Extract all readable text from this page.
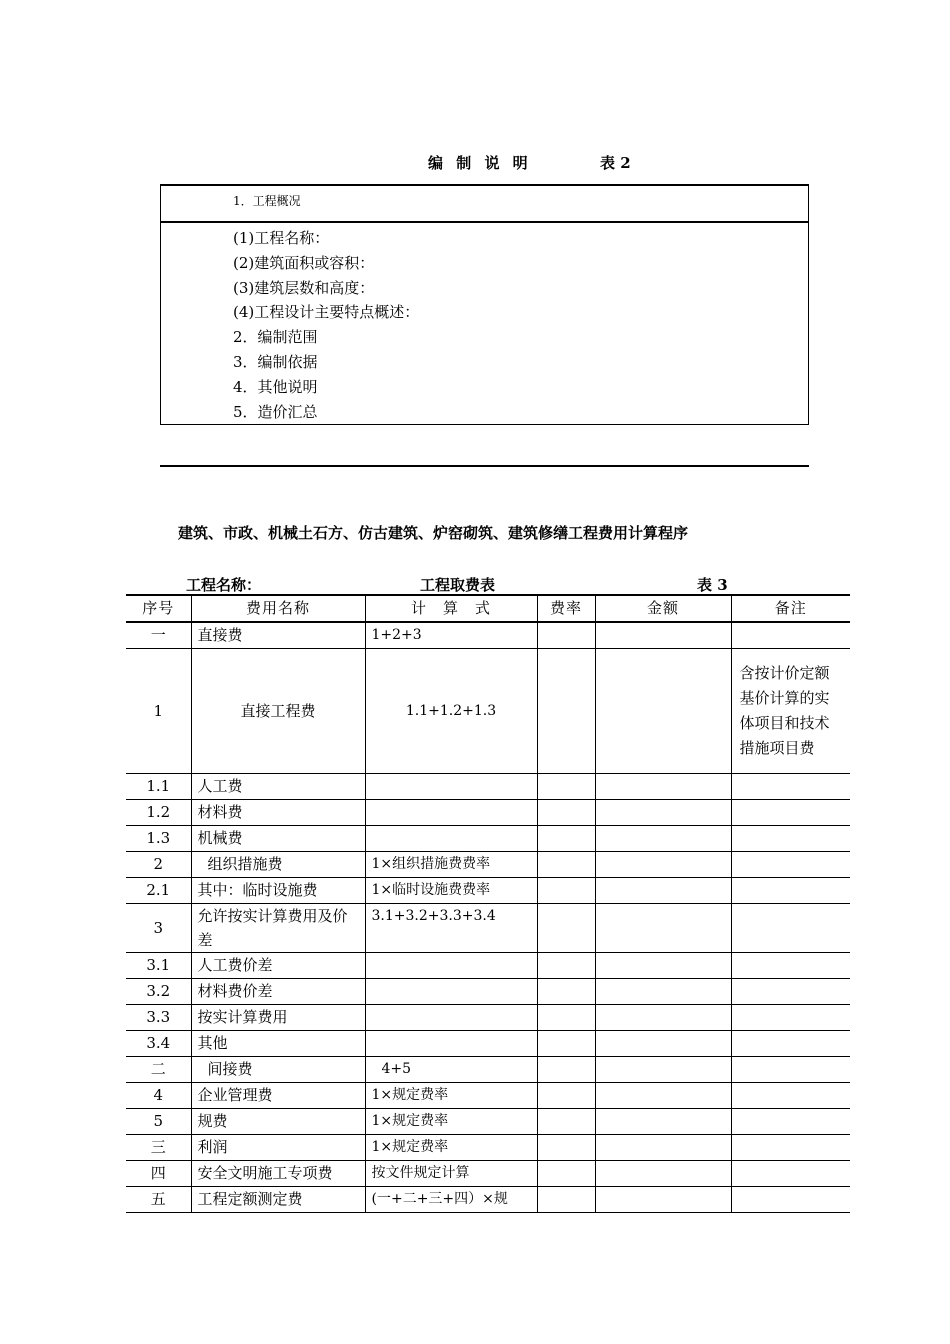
编 制 说 明	表 2
1．工程概况
(1)工程名称：
(2)建筑面积或容积：
(3)建筑层数和高度：
(4)工程设计主要特点概述：
2．编制范围
3．编制依据
4．其他说明
5．造价汇总
建筑、市政、机械土石方、仿古建筑、炉窑砌筑、建筑修缮工程费用计算程序
工程名称：	工程取费表	表 3
序号	费用名称	计　算　式	费率	金额	备注
一	直接费	1+2+3			
1	直接工程费	1.1+1.2+1.3			含按计价定额基价计算的实体项目和技术措施项目费
1.1	人工费				
1.2	材料费				
1.3	机械费				
2	组织措施费	1×组织措施费费率			
2.1	其中：临时设施费	1×临时设施费费率			
3	允许按实计算费用及价差	3.1+3.2+3.3+3.4			
3.1	人工费价差				
3.2	材料费价差				
3.3	按实计算费用				
3.4	其他				
二	间接费	4+5			
4	企业管理费	1×规定费率			
5	规费	1×规定费率			
三	利润	1×规定费率			
四	安全文明施工专项费	按文件规定计算			
五	工程定额测定费	(一+二+三+四）×规			
